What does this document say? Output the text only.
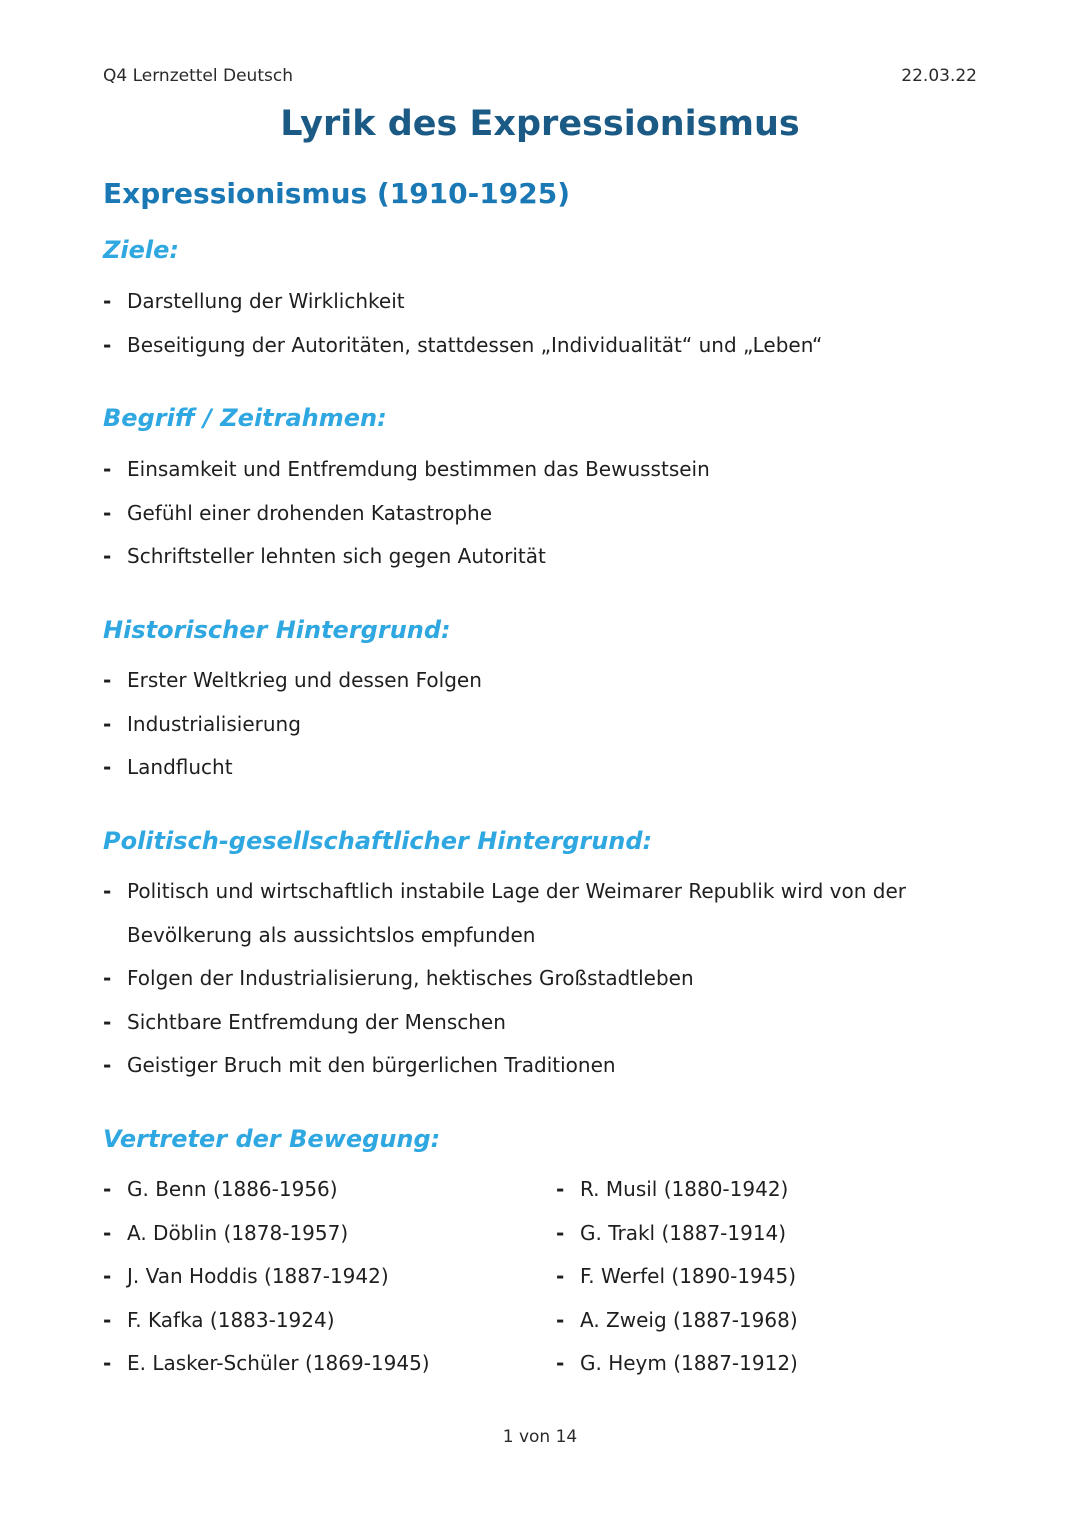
Q4 Lernzettel Deutsch	22.03.22
Lyrik des Expressionismus
Expressionismus (1910-1925)
Ziele:
- Darstellung der Wirklichkeit
- Beseitigung der Autoritäten, stattdessen „Individualität“ und „Leben“
Begriff / Zeitrahmen:
- Einsamkeit und Entfremdung bestimmen das Bewusstsein
- Gefühl einer drohenden Katastrophe
- Schriftsteller lehnten sich gegen Autorität
Historischer Hintergrund:
- Erster Weltkrieg und dessen Folgen
- Industrialisierung
- Landflucht
Politisch-gesellschaftlicher Hintergrund:
- Politisch und wirtschaftlich instabile Lage der Weimarer Republik wird von der Bevölkerung als aussichtslos empfunden
- Folgen der Industrialisierung, hektisches Großstadtleben
- Sichtbare Entfremdung der Menschen
- Geistiger Bruch mit den bürgerlichen Traditionen
Vertreter der Bewegung:
- G. Benn (1886-1956)
- A. Döblin (1878-1957)
- J. Van Hoddis (1887-1942)
- F. Kafka (1883-1924)
- E. Lasker-Schüler (1869-1945)
- R. Musil (1880-1942)
- G. Trakl (1887-1914)
- F. Werfel (1890-1945)
- A. Zweig (1887-1968)
- G. Heym (1887-1912)
1 von 14
